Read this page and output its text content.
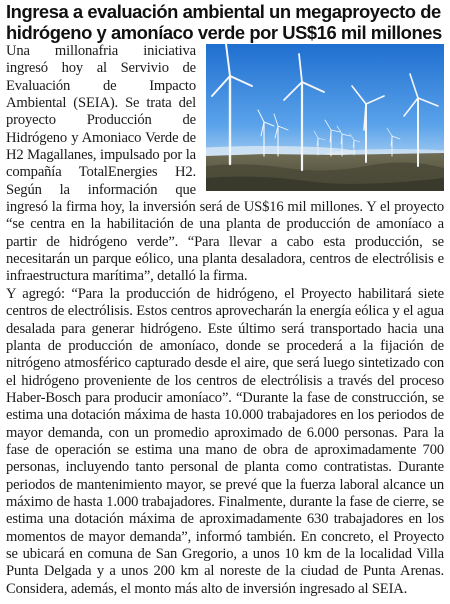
Ingresa a evaluación ambiental un megaproyecto de
hidrógeno y amoníaco verde por US$16 mil millones

Una millonafria iniciativa ingresó hoy al Servivio de Evaluación de Impacto Ambiental (SEIA). Se trata del proyecto Producción de Hidrógeno y Amoniaco Verde de H2 Magallanes, impulsado por la compañía TotalEnergies H2. Según la información que ingresó la firma hoy, la inversión será de US$16 mil millones. Y el proyecto “se centra en la habilitación de una planta de producción de amoníaco a partir de hidrógeno verde”. “Para llevar a cabo esta producción, se necesitarán un parque eólico, una planta desaladora, centros de electrólisis e infraestructura marítima”, detalló la firma.

Y agregó: “Para la producción de hidrógeno, el Proyecto habilitará siete centros de electrólisis. Estos centros aprovecharán la energía eólica y el agua desalada para generar hidrógeno. Este último será transportado hacia una planta de producción de amoníaco, donde se procederá a la fijación de nitrógeno atmosférico capturado desde el aire, que será luego sintetizado con el hidrógeno proveniente de los centros de electrólisis a través del proceso Haber-Bosch para producir amoníaco”. “Durante la fase de construcción, se estima una dotación máxima de hasta 10.000 trabajadores en los periodos de mayor demanda, con un promedio aproximado de 6.000 personas. Para la fase de operación se estima una mano de obra de aproximadamente 700 personas, incluyendo tanto personal de planta como contratistas. Durante periodos de mantenimiento mayor, se prevé que la fuerza laboral alcance un máximo de hasta 1.000 trabajadores. Finalmente, durante la fase de cierre, se estima una dotación máxima de aproximadamente 630 trabajadores en los momentos de mayor demanda”, informó también. En concreto, el Proyecto se ubicará en comuna de San Gregorio, a unos 10 km de la localidad Villa Punta Delgada y a unos 200 km al noreste de la ciudad de Punta Arenas. Considera, además, el monto más alto de inversión ingresado al SEIA.
